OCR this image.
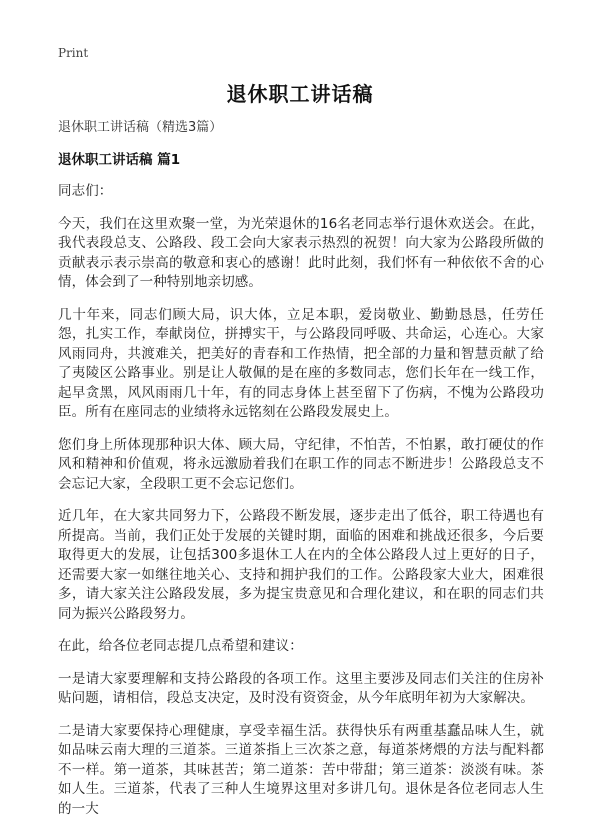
Print
退休职工讲话稿

退休职工讲话稿（精选3篇）

退休职工讲话稿 篇1

同志们：

今天，我们在这里欢聚一堂，为光荣退休的16名老同志举行退休欢送会。在此，我代表段总支、公路段、段工会向大家表示热烈的祝贺！向大家为公路段所做的贡献表示表示崇高的敬意和衷心的感谢！此时此刻，我们怀有一种依依不舍的心情，体会到了一种特别地亲切感。

几十年来，同志们顾大局，识大体，立足本职，爱岗敬业、勤勤恳恳，任劳任怨，扎实工作，奉献岗位，拼搏实干，与公路段同呼吸、共命运，心连心。大家风雨同舟，共渡难关，把美好的青春和工作热情，把全部的力量和智慧贡献了给了夷陵区公路事业。别是让人敬佩的是在座的多数同志，您们长年在一线工作，起早贪黑，风风雨雨几十年，有的同志身体上甚至留下了伤病，不愧为公路段功臣。所有在座同志的业绩将永远铭刻在公路段发展史上。

您们身上所体现那种识大体、顾大局，守纪律，不怕苦，不怕累，敢打硬仗的作风和精神和价值观，将永远激励着我们在职工作的同志不断进步！公路段总支不会忘记大家，全段职工更不会忘记您们。

近几年，在大家共同努力下，公路段不断发展，逐步走出了低谷，职工待遇也有所提高。当前，我们正处于发展的关键时期，面临的困难和挑战还很多，今后要取得更大的发展，让包括300多退休工人在内的全体公路段人过上更好的日子，还需要大家一如继往地关心、支持和拥护我们的工作。公路段家大业大，困难很多，请大家关注公路段发展，多为提宝贵意见和合理化建议，和在职的同志们共同为振兴公路段努力。

在此，给各位老同志提几点希望和建议：

一是请大家要理解和支持公路段的各项工作。这里主要涉及同志们关注的住房补贴问题，请相信，段总支决定，及时没有资资金，从今年底明年初为大家解决。

二是请大家要保持心理健康，享受幸福生活。获得快乐有两重基蠢品味人生，就如品味云南大理的三道茶。三道茶指上三次茶之意，每道茶烤煨的方法与配料都不一样。第一道茶，其味甚苦；第二道茶：苦中带甜；第三道茶：淡淡有味。茶如人生。三道茶，代表了三种人生境界这里对多讲几句。退休是各位老同志人生的一大
